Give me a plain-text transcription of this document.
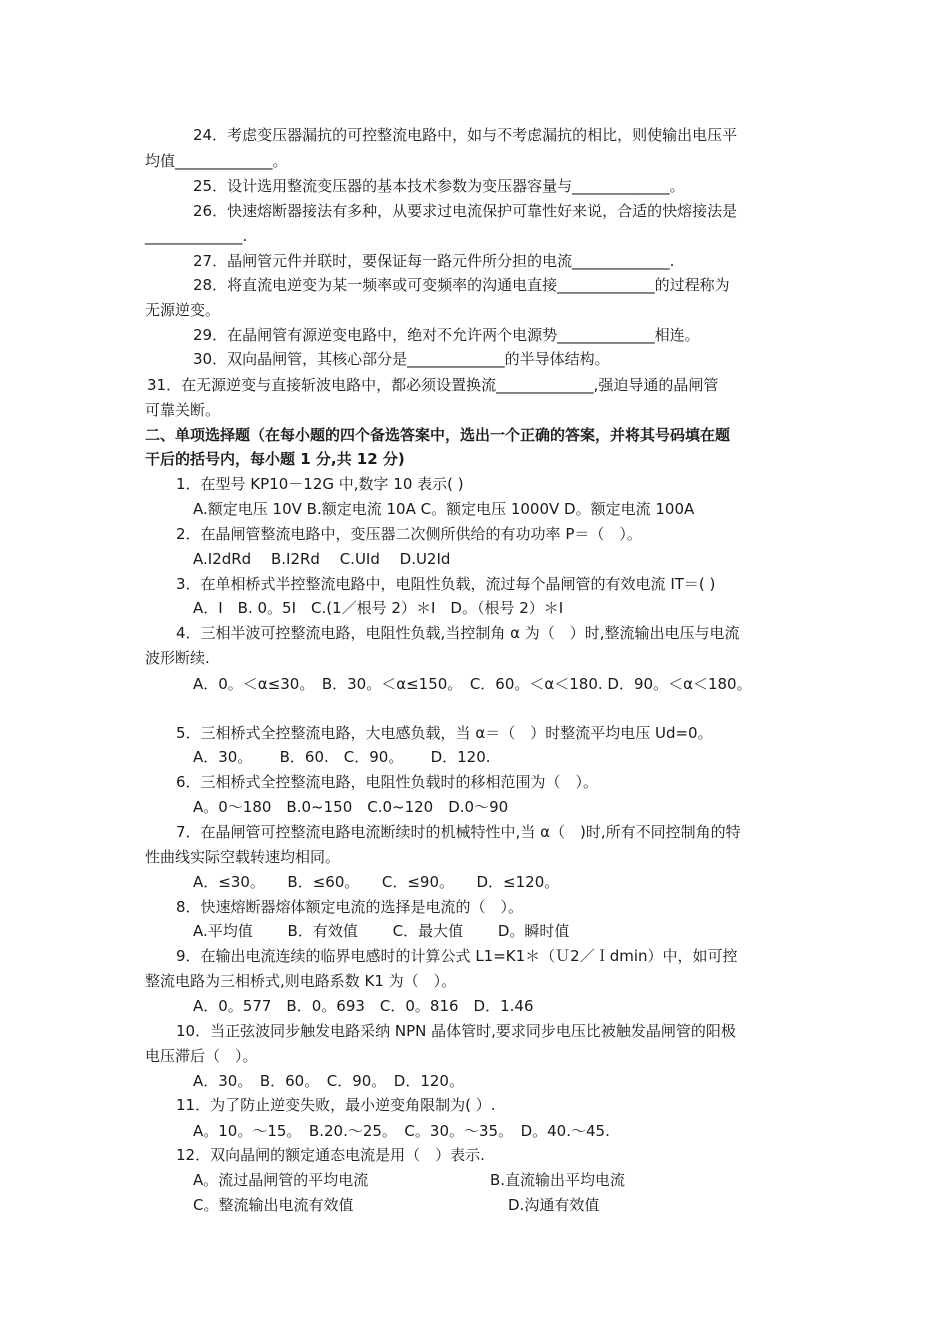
24．考虑变压器漏抗的可控整流电路中，如与不考虑漏抗的相比，则使输出电压平
均值_____________。
25．设计选用整流变压器的基本技术参数为变压器容量与_____________。
26．快速熔断器接法有多种，从要求过电流保护可靠性好来说，合适的快熔接法是
_____________.
27．晶闸管元件并联时，要保证每一路元件所分担的电流_____________.
28．将直流电逆变为某一频率或可变频率的沟通电直接_____________的过程称为
无源逆变。
29．在晶闸管有源逆变电路中，绝对不允许两个电源势_____________相连。
30．双向晶闸管，其核心部分是_____________的半导体结构。
31．在无源逆变与直接斩波电路中，都必须设置换流_____________,强迫导通的晶闸管
可靠关断。
二、单项选择题（在每小题的四个备选答案中，选出一个正确的答案，并将其号码填在题
干后的括号内，每小题 1 分,共 12 分)
1．在型号 KP10－12G 中,数字 10 表示( )
A.额定电压 10V B.额定电流 10A C。额定电压 1000V D。额定电流 100A
2．在晶闸管整流电路中，变压器二次侧所供给的有功功率 P＝（　）。
A.I2dRd　 B.I2Rd　 C.UId　 D.U2Id
3．在单相桥式半控整流电路中，电阻性负载，流过每个晶闸管的有效电流 IT＝( )
A．I　B. 0。5I　C.(1／根号 2）＊I　D。（根号 2）＊I
4．三相半波可控整流电路，电阻性负载,当控制角 α 为（　）时,整流输出电压与电流
波形断续.
A．0。＜α≤30。　B．30。＜α≤150。　C．60。＜α＜180. D．90。＜α＜180。
5．三相桥式全控整流电路，大电感负载，当 α＝（　）时整流平均电压 Ud=0。
A．30。　　 B．60.　C．90。　　 D．120.
6．三相桥式全控整流电路，电阻性负载时的移相范围为（　）。
A。0～180　B.0~150　C.0~120　D.0～90
7．在晶闸管可控整流电路电流断续时的机械特性中,当 α（　)时,所有不同控制角的特
性曲线实际空载转速均相同。
A．≤30。　　B．≤60。　　C．≤90。　　D．≤120。
8．快速熔断器熔体额定电流的选择是电流的（　）。
A.平均值　　 B．有效值　　 C．最大值　　 D。瞬时值
9．在输出电流连续的临界电感时的计算公式 L1=K1＊（Ｕ2／Ｉdmin）中，如可控
整流电路为三相桥式,则电路系数 K1 为（　）。
A．0。577　B．0。693　C．0。816　D．1.46
10．当正弦波同步触发电路采纳 NPN 晶体管时,要求同步电压比被触发晶闸管的阳极
电压滞后（　）。
A．30。　B．60。　C．90。　D．120。
11．为了防止逆变失败，最小逆变角限制为( ）.
A。10。～15。　B.20.～25。　C。30。～35。　D。40.～45.
12．双向晶闸的额定通态电流是用（　）表示.
A。流过晶闸管的平均电流	B.直流输出平均电流
C。整流输出电流有效值	D.沟通有效值
